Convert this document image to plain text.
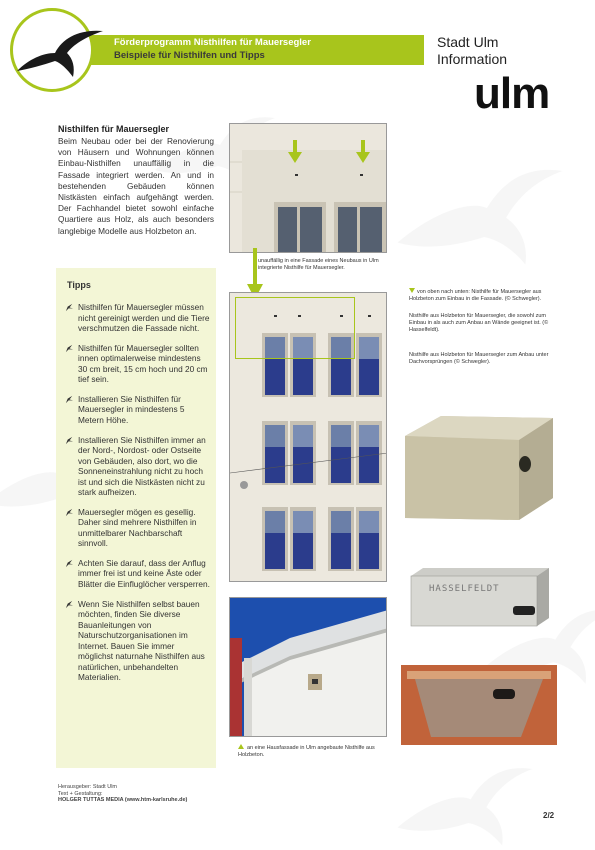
Förderprogramm Nisthilfen für Mauersegler
Beispiele für Nisthilfen und Tipps
Stadt Ulm
Information
ulm
Nisthilfen für Mauersegler
Beim Neubau oder bei der Renovierung von Häusern und Wohnungen können Einbau-Nisthilfen unauffällig in die Fassade integriert werden. An und in bestehenden Gebäuden können Nistkästen einfach aufgehängt werden. Der Fachhandel bietet sowohl einfache Quartiere aus Holz, als auch besonders langlebige Modelle aus Holzbeton an.
Tipps
Nisthilfen für Mauersegler müssen nicht gereinigt werden und die Tiere verschmutzen die Fassade nicht.
Nisthilfen für Mauersegler sollten innen optimalerweise mindestens 30 cm breit, 15 cm hoch und 20 cm tief sein.
Installieren Sie Nisthilfen für Mauersegler in mindestens 5 Metern Höhe.
Installieren Sie Nisthilfen immer an der Nord-, Nordost- oder Ostseite von Gebäuden, also dort, wo die Sonneneinstrahlung nicht zu hoch ist und sich die Nistkästen nicht zu stark aufheizen.
Mauersegler mögen es gesellig. Daher sind mehrere Nisthilfen in unmittelbarer Nachbarschaft sinnvoll.
Achten Sie darauf, dass der Anflug immer frei ist und keine Äste oder Blätter die Einfluglöcher versperren.
Wenn Sie Nisthilfen selbst bauen möchten, finden Sie diverse Bauanleitungen von Naturschutzorganisationen im Internet. Bauen Sie immer möglichst naturnahe Nisthilfen aus natürlichen, unbehandelten Materialien.
unauffällig in eine Fassade eines Neubaus in Ulm integrierte Nisthilfe für Mauersegler.
an eine Hausfassade in Ulm angebaute Nisthilfe aus Holzbeton.
von oben nach unten: Nisthilfe für Mauersegler aus Holzbeton zum Einbau in die Fassade. (© Schwegler).
Nisthilfe aus Holzbeton für Mauersegler, die sowohl zum Einbau in als auch zum Anbau an Wände geeignet ist. (© Hasselfeldt).
Nisthilfe aus Holzbeton für Mauersegler zum Anbau unter Dachvorsprüngen (© Schwegler).
HASSELFELDT
Herausgeber: Stadt Ulm
Text + Gestaltung:
HOLGER TUTTAS MEDIA (www.htm-karlsruhe.de)
2/2
